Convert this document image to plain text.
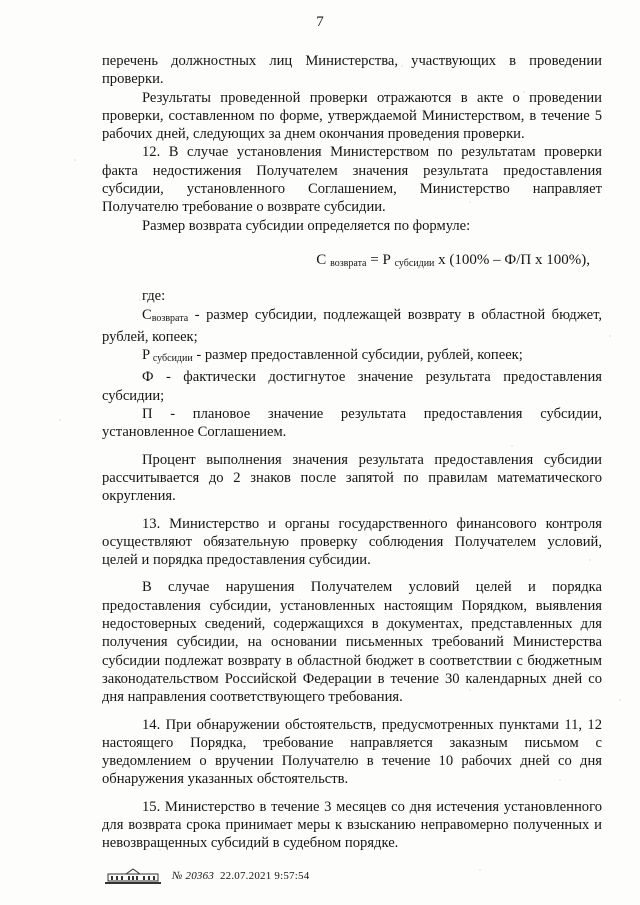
7

перечень должностных лиц Министерства, участвующих в проведении проверки.

Результаты проведенной проверки отражаются в акте о проведении проверки, составленном по форме, утверждаемой Министерством, в течение 5 рабочих дней, следующих за днем окончания проведения проверки.

12. В случае установления Министерством по результатам проверки факта недостижения Получателем значения результата предоставления субсидии, установленного Соглашением, Министерство направляет Получателю требование о возврате субсидии.

Размер возврата субсидии определяется по формуле:

С $_{возврата}$ = Р $_{субсидии}$ х (100% – Ф/П х 100%),

где:

$С_{возврата}$ - размер субсидии, подлежащей возврату в областной бюджет, рублей, копеек;

Р $_{субсидии}$ - размер предоставленной субсидии, рублей, копеек;

Ф - фактически достигнутое значение результата предоставления субсидии;

П - плановое значение результата предоставления субсидии, установленное Соглашением.

Процент выполнения значения результата предоставления субсидии рассчитывается до 2 знаков после запятой по правилам математического округления.

13. Министерство и органы государственного финансового контроля осуществляют обязательную проверку соблюдения Получателем условий, целей и порядка предоставления субсидии.

В случае нарушения Получателем условий целей и порядка предоставления субсидии, установленных настоящим Порядком, выявления недостоверных сведений, содержащихся в документах, представленных для получения субсидии, на основании письменных требований Министерства субсидии подлежат возврату в областной бюджет в соответствии с бюджетным законодательством Российской Федерации в течение 30 календарных дней со дня направления соответствующего требования.

14. При обнаружении обстоятельств, предусмотренных пунктами 11, 12 настоящего Порядка, требование направляется заказным письмом с уведомлением о вручении Получателю в течение 10 рабочих дней со дня обнаружения указанных обстоятельств.

15. Министерство в течение 3 месяцев со дня истечения установленного для возврата срока принимает меры к взысканию неправомерно полученных и невозвращенных субсидий в судебном порядке.

№ 20363 22.07.2021 9:57:54
